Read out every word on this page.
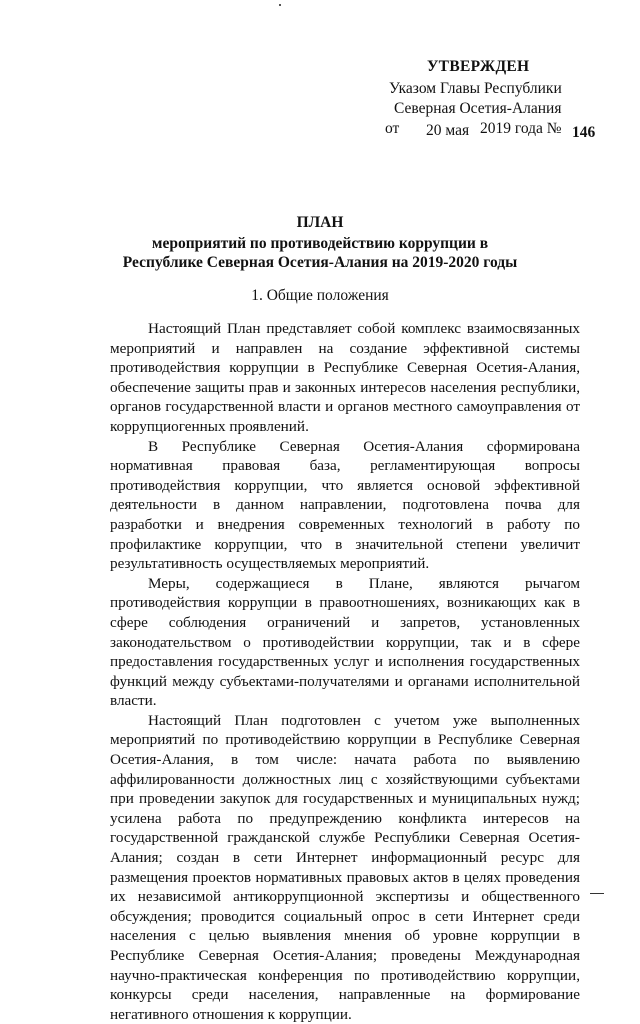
УТВЕРЖДЕН
Указом Главы Республики
Северная Осетия-Алания
от 20 мая 2019 года № 146
ПЛАН
мероприятий по противодействию коррупции в
Республике Северная Осетия-Алания на 2019-2020 годы
1. Общие положения

Настоящий План представляет собой комплекс взаимосвязанных мероприятий и направлен на создание эффективной системы противодействия коррупции в Республике Северная Осетия-Алания, обеспечение защиты прав и законных интересов населения республики, органов государственной власти и органов местного самоуправления от коррупциогенных проявлений.

В Республике Северная Осетия-Алания сформирована нормативная правовая база, регламентирующая вопросы противодействия коррупции, что является основой эффективной деятельности в данном направлении, подготовлена почва для разработки и внедрения современных технологий в работу по профилактике коррупции, что в значительной степени увеличит результативность осуществляемых мероприятий.

Меры, содержащиеся в Плане, являются рычагом противодействия коррупции в правоотношениях, возникающих как в сфере соблюдения ограничений и запретов, установленных законодательством о противодействии коррупции, так и в сфере предоставления государственных услуг и исполнения государственных функций между субъектами-получателями и органами исполнительной власти.

Настоящий План подготовлен с учетом уже выполненных мероприятий по противодействию коррупции в Республике Северная Осетия-Алания, в том числе: начата работа по выявлению аффилированности должностных лиц с хозяйствующими субъектами при проведении закупок для государственных и муниципальных нужд; усилена работа по предупреждению конфликта интересов на государственной гражданской службе Республики Северная Осетия-Алания; создан в сети Интернет информационный ресурс для размещения проектов нормативных правовых актов в целях проведения их независимой антикоррупционной экспертизы и общественного обсуждения; проводится социальный опрос в сети Интернет среди населения с целью выявления мнения об уровне коррупции в Республике Северная Осетия-Алания; проведены Международная научно-практическая конференция по противодействию коррупции, конкурсы среди населения, направленные на формирование негативного отношения к коррупции.
